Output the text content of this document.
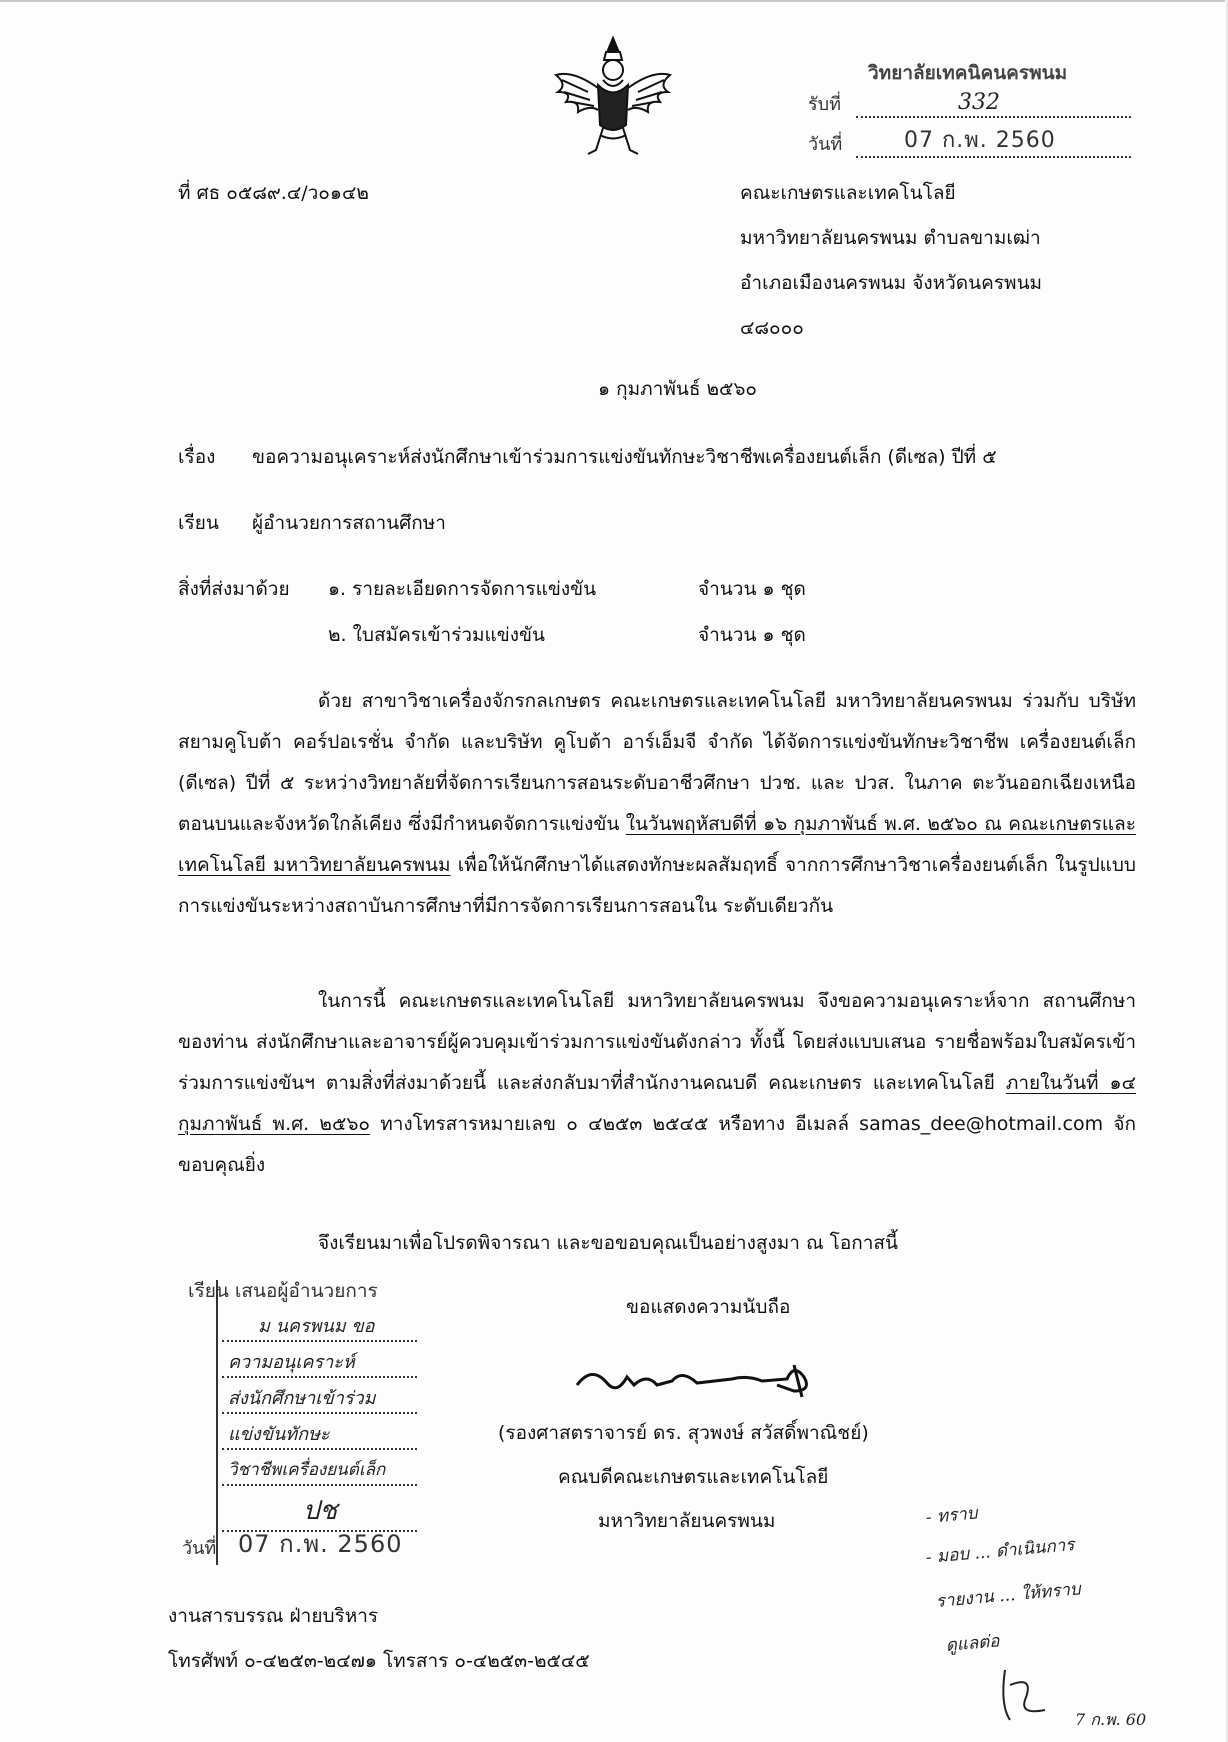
วิทยาลัยเทคนิคนครพนม
รับที่	332
วันที่	07 ก.พ. 2560
ที่ ศธ ๐๕๘๙.๔/ว๐๑๔๒	คณะเกษตรและเทคโนโลยี
มหาวิทยาลัยนครพนม ตำบลขามเฒ่า
อำเภอเมืองนครพนม จังหวัดนครพนม
๔๘๐๐๐
๑ กุมภาพันธ์ ๒๕๖๐
เรื่อง ขอความอนุเคราะห์ส่งนักศึกษาเข้าร่วมการแข่งขันทักษะวิชาชีพเครื่องยนต์เล็ก (ดีเซล) ปีที่ ๕
เรียน ผู้อำนวยการสถานศึกษา
สิ่งที่ส่งมาด้วย ๑. รายละเอียดการจัดการแข่งขัน	จำนวน ๑ ชุด
๒. ใบสมัครเข้าร่วมแข่งขัน	จำนวน ๑ ชุด

ด้วย สาขาวิชาเครื่องจักรกลเกษตร คณะเกษตรและเทคโนโลยี มหาวิทยาลัยนครพนม ร่วมกับ บริษัท สยามคูโบต้า คอร์ปอเรชั่น จำกัด และบริษัท คูโบต้า อาร์เอ็มจี จำกัด ได้จัดการแข่งขันทักษะวิชาชีพ เครื่องยนต์เล็ก (ดีเซล) ปีที่ ๕ ระหว่างวิทยาลัยที่จัดการเรียนการสอนระดับอาชีวศึกษา ปวช. และ ปวส. ในภาค ตะวันออกเฉียงเหนือตอนบนและจังหวัดใกล้เคียง ซึ่งมีกำหนดจัดการแข่งขัน ในวันพฤหัสบดีที่ ๑๖ กุมภาพันธ์ พ.ศ. ๒๕๖๐ ณ คณะเกษตรและเทคโนโลยี มหาวิทยาลัยนครพนม เพื่อให้นักศึกษาได้แสดงทักษะผลสัมฤทธิ์ จากการศึกษาวิชาเครื่องยนต์เล็ก ในรูปแบบการแข่งขันระหว่างสถาบันการศึกษาที่มีการจัดการเรียนการสอนใน ระดับเดียวกัน

ในการนี้ คณะเกษตรและเทคโนโลยี มหาวิทยาลัยนครพนม จึงขอความอนุเคราะห์จาก สถานศึกษาของท่าน ส่งนักศึกษาและอาจารย์ผู้ควบคุมเข้าร่วมการแข่งขันดังกล่าว ทั้งนี้ โดยส่งแบบเสนอ รายชื่อพร้อมใบสมัครเข้าร่วมการแข่งขันฯ ตามสิ่งที่ส่งมาด้วยนี้ และส่งกลับมาที่สำนักงานคณบดี คณะเกษตร และเทคโนโลยี ภายในวันที่ ๑๔ กุมภาพันธ์ พ.ศ. ๒๕๖๐ ทางโทรสารหมายเลข ๐ ๔๒๕๓ ๒๕๔๕ หรือทาง อีเมลล์ samas_dee@hotmail.com จักขอบคุณยิ่ง

จึงเรียนมาเพื่อโปรดพิจารณา และขอขอบคุณเป็นอย่างสูงมา ณ โอกาสนี้
ขอแสดงความนับถือ
(รองศาสตราจารย์ ดร. สุวพงษ์ สวัสดิ์พาณิชย์)
คณบดีคณะเกษตรและเทคโนโลยี
มหาวิทยาลัยนครพนม
เรียน เสนอผู้อำนวยการ
ม นครพนม ขอ
ความอนุเคราะห์
ส่งนักศึกษาเข้าร่วม
แข่งขันทักษะ
วิชาชีพเครื่องยนต์เล็ก
ปช
วันที่ 07 ก.พ. 2560
งานสารบรรณ ฝ่ายบริหาร
โทรศัพท์ ๐-๔๒๕๓-๒๔๗๑ โทรสาร ๐-๔๒๕๓-๒๕๔๕
- ทราบ
- มอบ ... ดำเนินการ
รายงาน ... ให้ทราบ
ดูแลต่อ
7 ก.พ. 60
